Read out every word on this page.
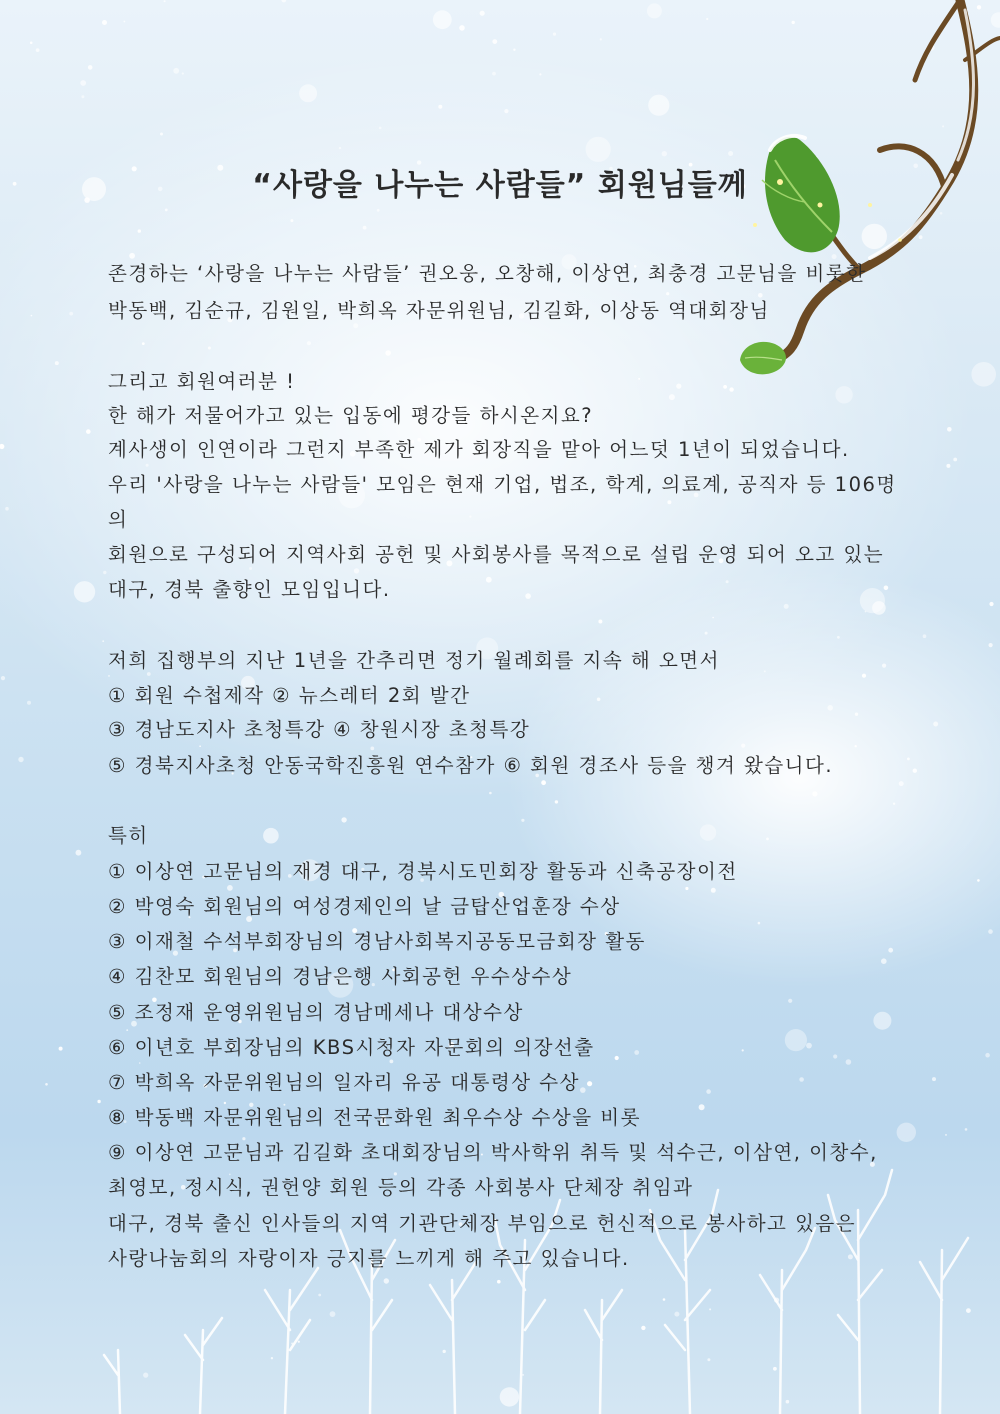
“사랑을 나누는 사람들” 회원님들께
존경하는 ‘사랑을 나누는 사람들’ 권오웅, 오창해, 이상연, 최충경 고문님을 비롯한
박동백, 김순규, 김원일, 박희옥 자문위원님, 김길화, 이상동 역대회장님
그리고 회원여러분 !
한 해가 저물어가고 있는 입동에 평강들 하시온지요?
계사생이 인연이라 그런지 부족한 제가 회장직을 맡아 어느덧 1년이 되었습니다.
우리 '사랑을 나누는 사람들' 모임은 현재 기업, 법조, 학계, 의료계, 공직자 등 106명
의
회원으로 구성되어 지역사회 공헌 및 사회봉사를 목적으로 설립 운영 되어 오고 있는
대구, 경북 출향인 모임입니다.
저희 집행부의 지난 1년을 간추리면 정기 월례회를 지속 해 오면서
① 회원 수첩제작 ② 뉴스레터 2회 발간
③ 경남도지사 초청특강 ④ 창원시장 초청특강
⑤ 경북지사초청 안동국학진흥원 연수참가 ⑥ 회원 경조사 등을 챙겨 왔습니다.
특히
① 이상연 고문님의 재경 대구, 경북시도민회장 활동과 신축공장이전
② 박영숙 회원님의 여성경제인의 날 금탑산업훈장 수상
③ 이재철 수석부회장님의 경남사회복지공동모금회장 활동
④ 김찬모 회원님의 경남은행 사회공헌 우수상수상
⑤ 조정재 운영위원님의 경남메세나 대상수상
⑥ 이년호 부회장님의 KBS시청자 자문회의 의장선출
⑦ 박희옥 자문위원님의 일자리 유공 대통령상 수상
⑧ 박동백 자문위원님의 전국문화원 최우수상 수상을 비롯
⑨ 이상연 고문님과 김길화 초대회장님의 박사학위 취득 및 석수근, 이삼연, 이창수,
최영모, 정시식, 권헌양 회원 등의 각종 사회봉사 단체장 취임과
대구, 경북 출신 인사들의 지역 기관단체장 부임으로 헌신적으로 봉사하고 있음은
사랑나눔회의 자랑이자 긍지를 느끼게 해 주고 있습니다.
